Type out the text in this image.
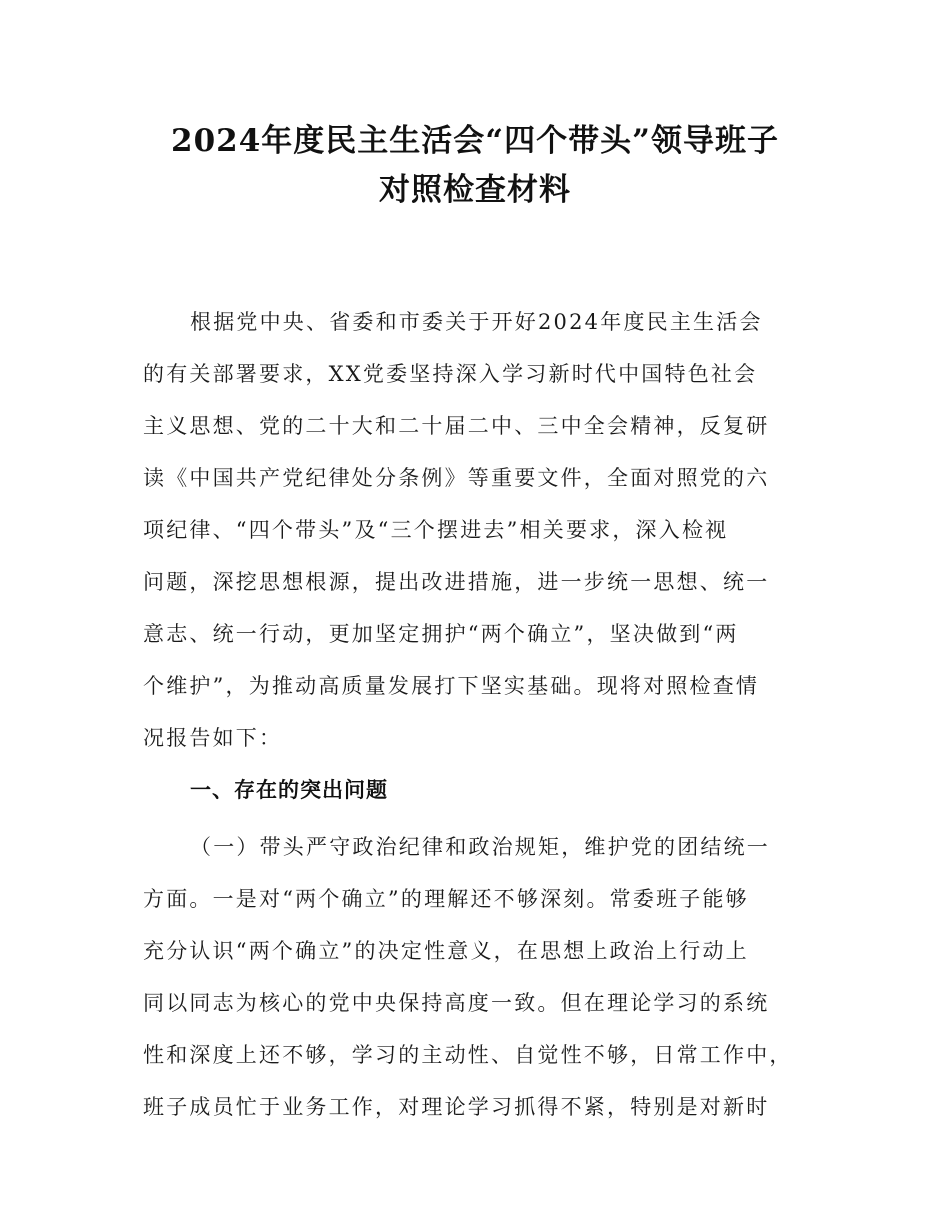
2024年度民主生活会“四个带头”领导班子
对照检查材料
根据党中央、省委和市委关于开好2024年度民主生活会
的有关部署要求，XX党委坚持深入学习新时代中国特色社会
主义思想、党的二十大和二十届二中、三中全会精神，反复研
读《中国共产党纪律处分条例》等重要文件，全面对照党的六
项纪律、“四个带头”及“三个摆进去”相关要求，深入检视
问题，深挖思想根源，提出改进措施，进一步统一思想、统一
意志、统一行动，更加坚定拥护“两个确立”，坚决做到“两
个维护”，为推动高质量发展打下坚实基础。现将对照检查情
况报告如下：
一、存在的突出问题
（一）带头严守政治纪律和政治规矩，维护党的团结统一
方面。一是对“两个确立”的理解还不够深刻。常委班子能够
充分认识“两个确立”的决定性意义，在思想上政治上行动上
同以同志为核心的党中央保持高度一致。但在理论学习的系统
性和深度上还不够，学习的主动性、自觉性不够，日常工作中，
班子成员忙于业务工作，对理论学习抓得不紧，特别是对新时
